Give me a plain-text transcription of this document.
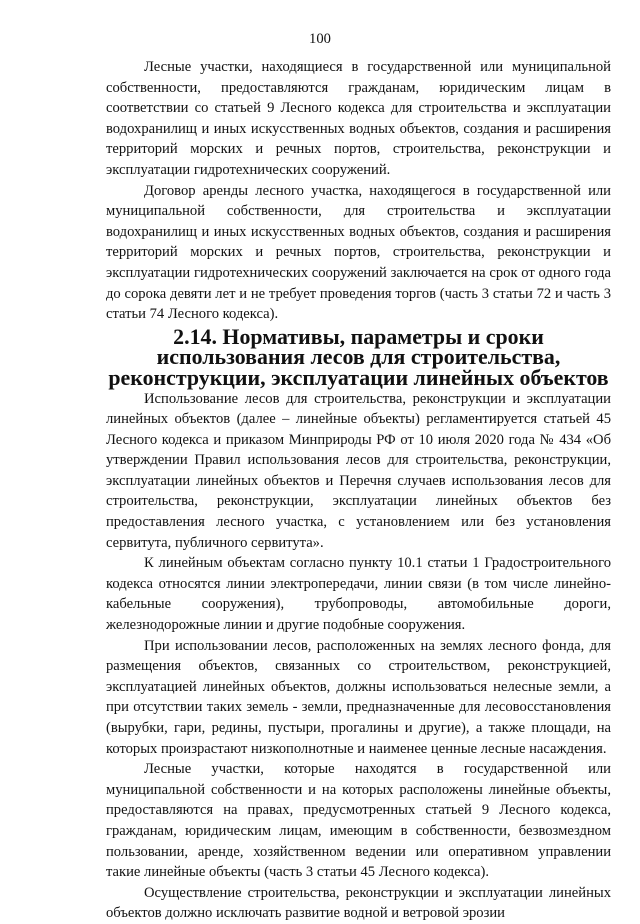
100

Лесные участки, находящиеся в государственной или муниципальной собственности, предоставляются гражданам, юридическим лицам в соответствии со статьей 9 Лесного кодекса для строительства и эксплуатации водохранилищ и иных искусственных водных объектов, создания и расширения территорий морских и речных портов, строительства, реконструкции и эксплуатации гидротехнических сооружений.

Договор аренды лесного участка, находящегося в государственной или муниципальной собственности, для строительства и эксплуатации водохранилищ и иных искусственных водных объектов, создания и расширения территорий морских и речных портов, строительства, реконструкции и эксплуатации гидротехнических сооружений заключается на срок от одного года до сорока девяти лет и не требует проведения торгов (часть 3 статьи 72 и часть 3 статьи 74 Лесного кодекса).

2.14. Нормативы, параметры и сроки использования лесов для строительства, реконструкции, эксплуатации линейных объектов

Использование лесов для строительства, реконструкции и эксплуатации линейных объектов (далее – линейные объекты) регламентируется статьей 45 Лесного кодекса и приказом Минприроды РФ от 10 июля 2020 года № 434 «Об утверждении Правил использования лесов для строительства, реконструкции, эксплуатации линейных объектов и Перечня случаев использования лесов для строительства, реконструкции, эксплуатации линейных объектов без предоставления лесного участка, с установлением или без установления сервитута, публичного сервитута».

К линейным объектам согласно пункту 10.1 статьи 1 Градостроительного кодекса относятся линии электропередачи, линии связи (в том числе линейно-кабельные сооружения), трубопроводы, автомобильные дороги, железнодорожные линии и другие подобные сооружения.

При использовании лесов, расположенных на землях лесного фонда, для размещения объектов, связанных со строительством, реконструкцией, эксплуатацией линейных объектов, должны использоваться нелесные земли, а при отсутствии таких земель - земли, предназначенные для лесовосстановления (вырубки, гари, редины, пустыри, прогалины и другие), а также площади, на которых произрастают низкополнотные и наименее ценные лесные насаждения.

Лесные участки, которые находятся в государственной или муниципальной собственности и на которых расположены линейные объекты, предоставляются на правах, предусмотренных статьей 9 Лесного кодекса, гражданам, юридическим лицам, имеющим в собственности, безвозмездном пользовании, аренде, хозяйственном ведении или оперативном управлении такие линейные объекты (часть 3 статьи 45 Лесного кодекса).

Осуществление строительства, реконструкции и эксплуатации линейных объектов должно исключать развитие водной и ветровой эрозии
